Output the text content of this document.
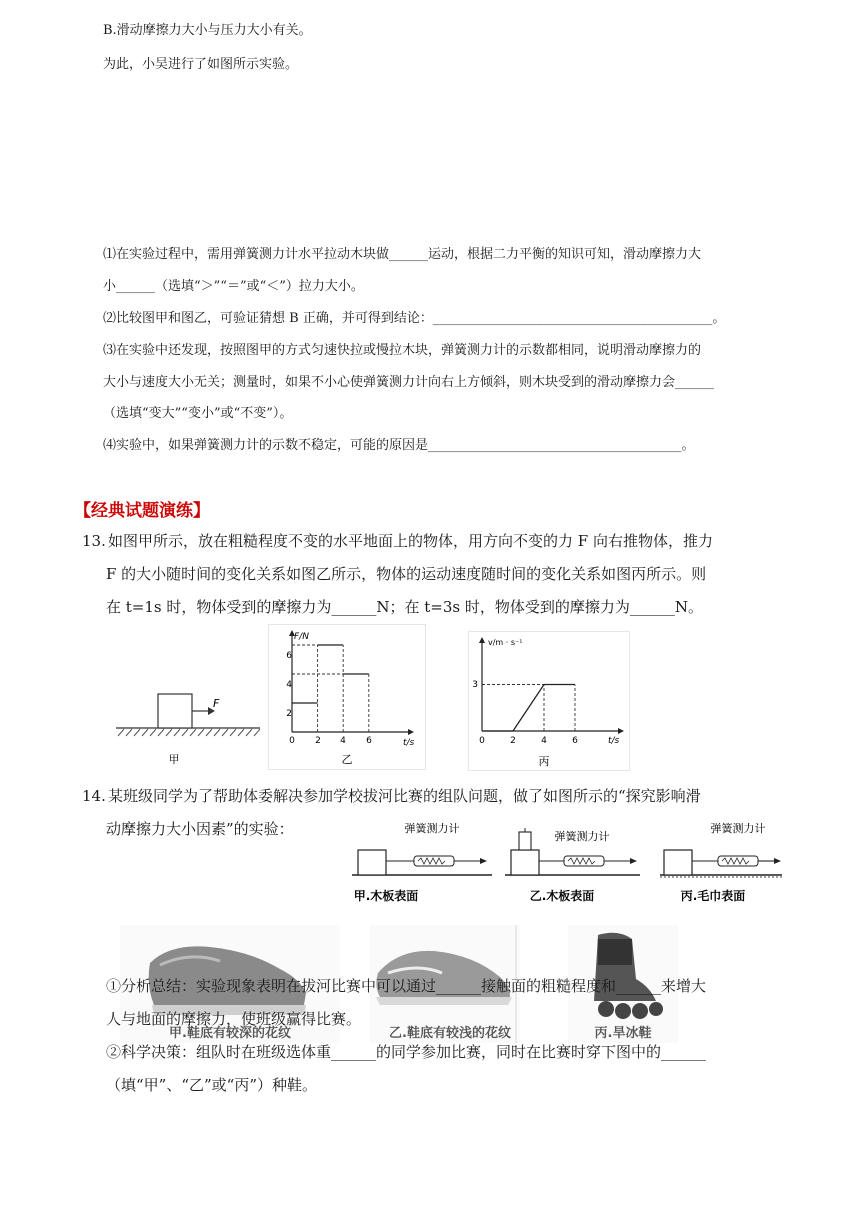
B.滑动摩擦力大小与压力大小有关。
为此，小吴进行了如图所示实验。
⑴在实验过程中，需用弹簧测力计水平拉动木块做______运动，根据二力平衡的知识可知，滑动摩擦力大
小______（选填“＞”“＝”或“＜”）拉力大小。
⑵比较图甲和图乙，可验证猜想 B 正确，并可得到结论：___________________________________________。
⑶在实验中还发现，按照图甲的方式匀速快拉或慢拉木块，弹簧测力计的示数都相同，说明滑动摩擦力的
大小与速度大小无关；测量时，如果不小心使弹簧测力计向右上方倾斜，则木块受到的滑动摩擦力会______
（选填“变大”“变小”或“不变”）。
⑷实验中，如果弹簧测力计的示数不稳定，可能的原因是_______________________________________。
【经典试题演练】
13. 如图甲所示，放在粗糙程度不变的水平地面上的物体，用方向不变的力 F 向右推物体，推力
F 的大小随时间的变化关系如图乙所示，物体的运动速度随时间的变化关系如图丙所示。则
在 t=1s 时，物体受到的摩擦力为______N；在 t=3s 时，物体受到的摩擦力为______N。
F
甲
F/N
t/s
2
4
6
0 2 4 6
乙
v/m · s⁻¹
t/s
3
0	2	4	6
丙
14. 某班级同学为了帮助体委解决参加学校拔河比赛的组队问题，做了如图所示的“探究影响滑
动摩擦力大小因素”的实验：	弹簧测力计
甲.木板表面
弹簧测力计
乙.木板表面
弹簧测力计
丙.毛巾表面
甲.鞋底有较深的花纹	乙.鞋底有较浅的花纹	丙.旱冰鞋
①分析总结：实验现象表明在拔河比赛中可以通过______接触面的粗糙程度和______来增大
人与地面的摩擦力，使班级赢得比赛。
②科学决策：组队时在班级选体重______的同学参加比赛，同时在比赛时穿下图中的______
（填“甲”、“乙”或“丙”）种鞋。
